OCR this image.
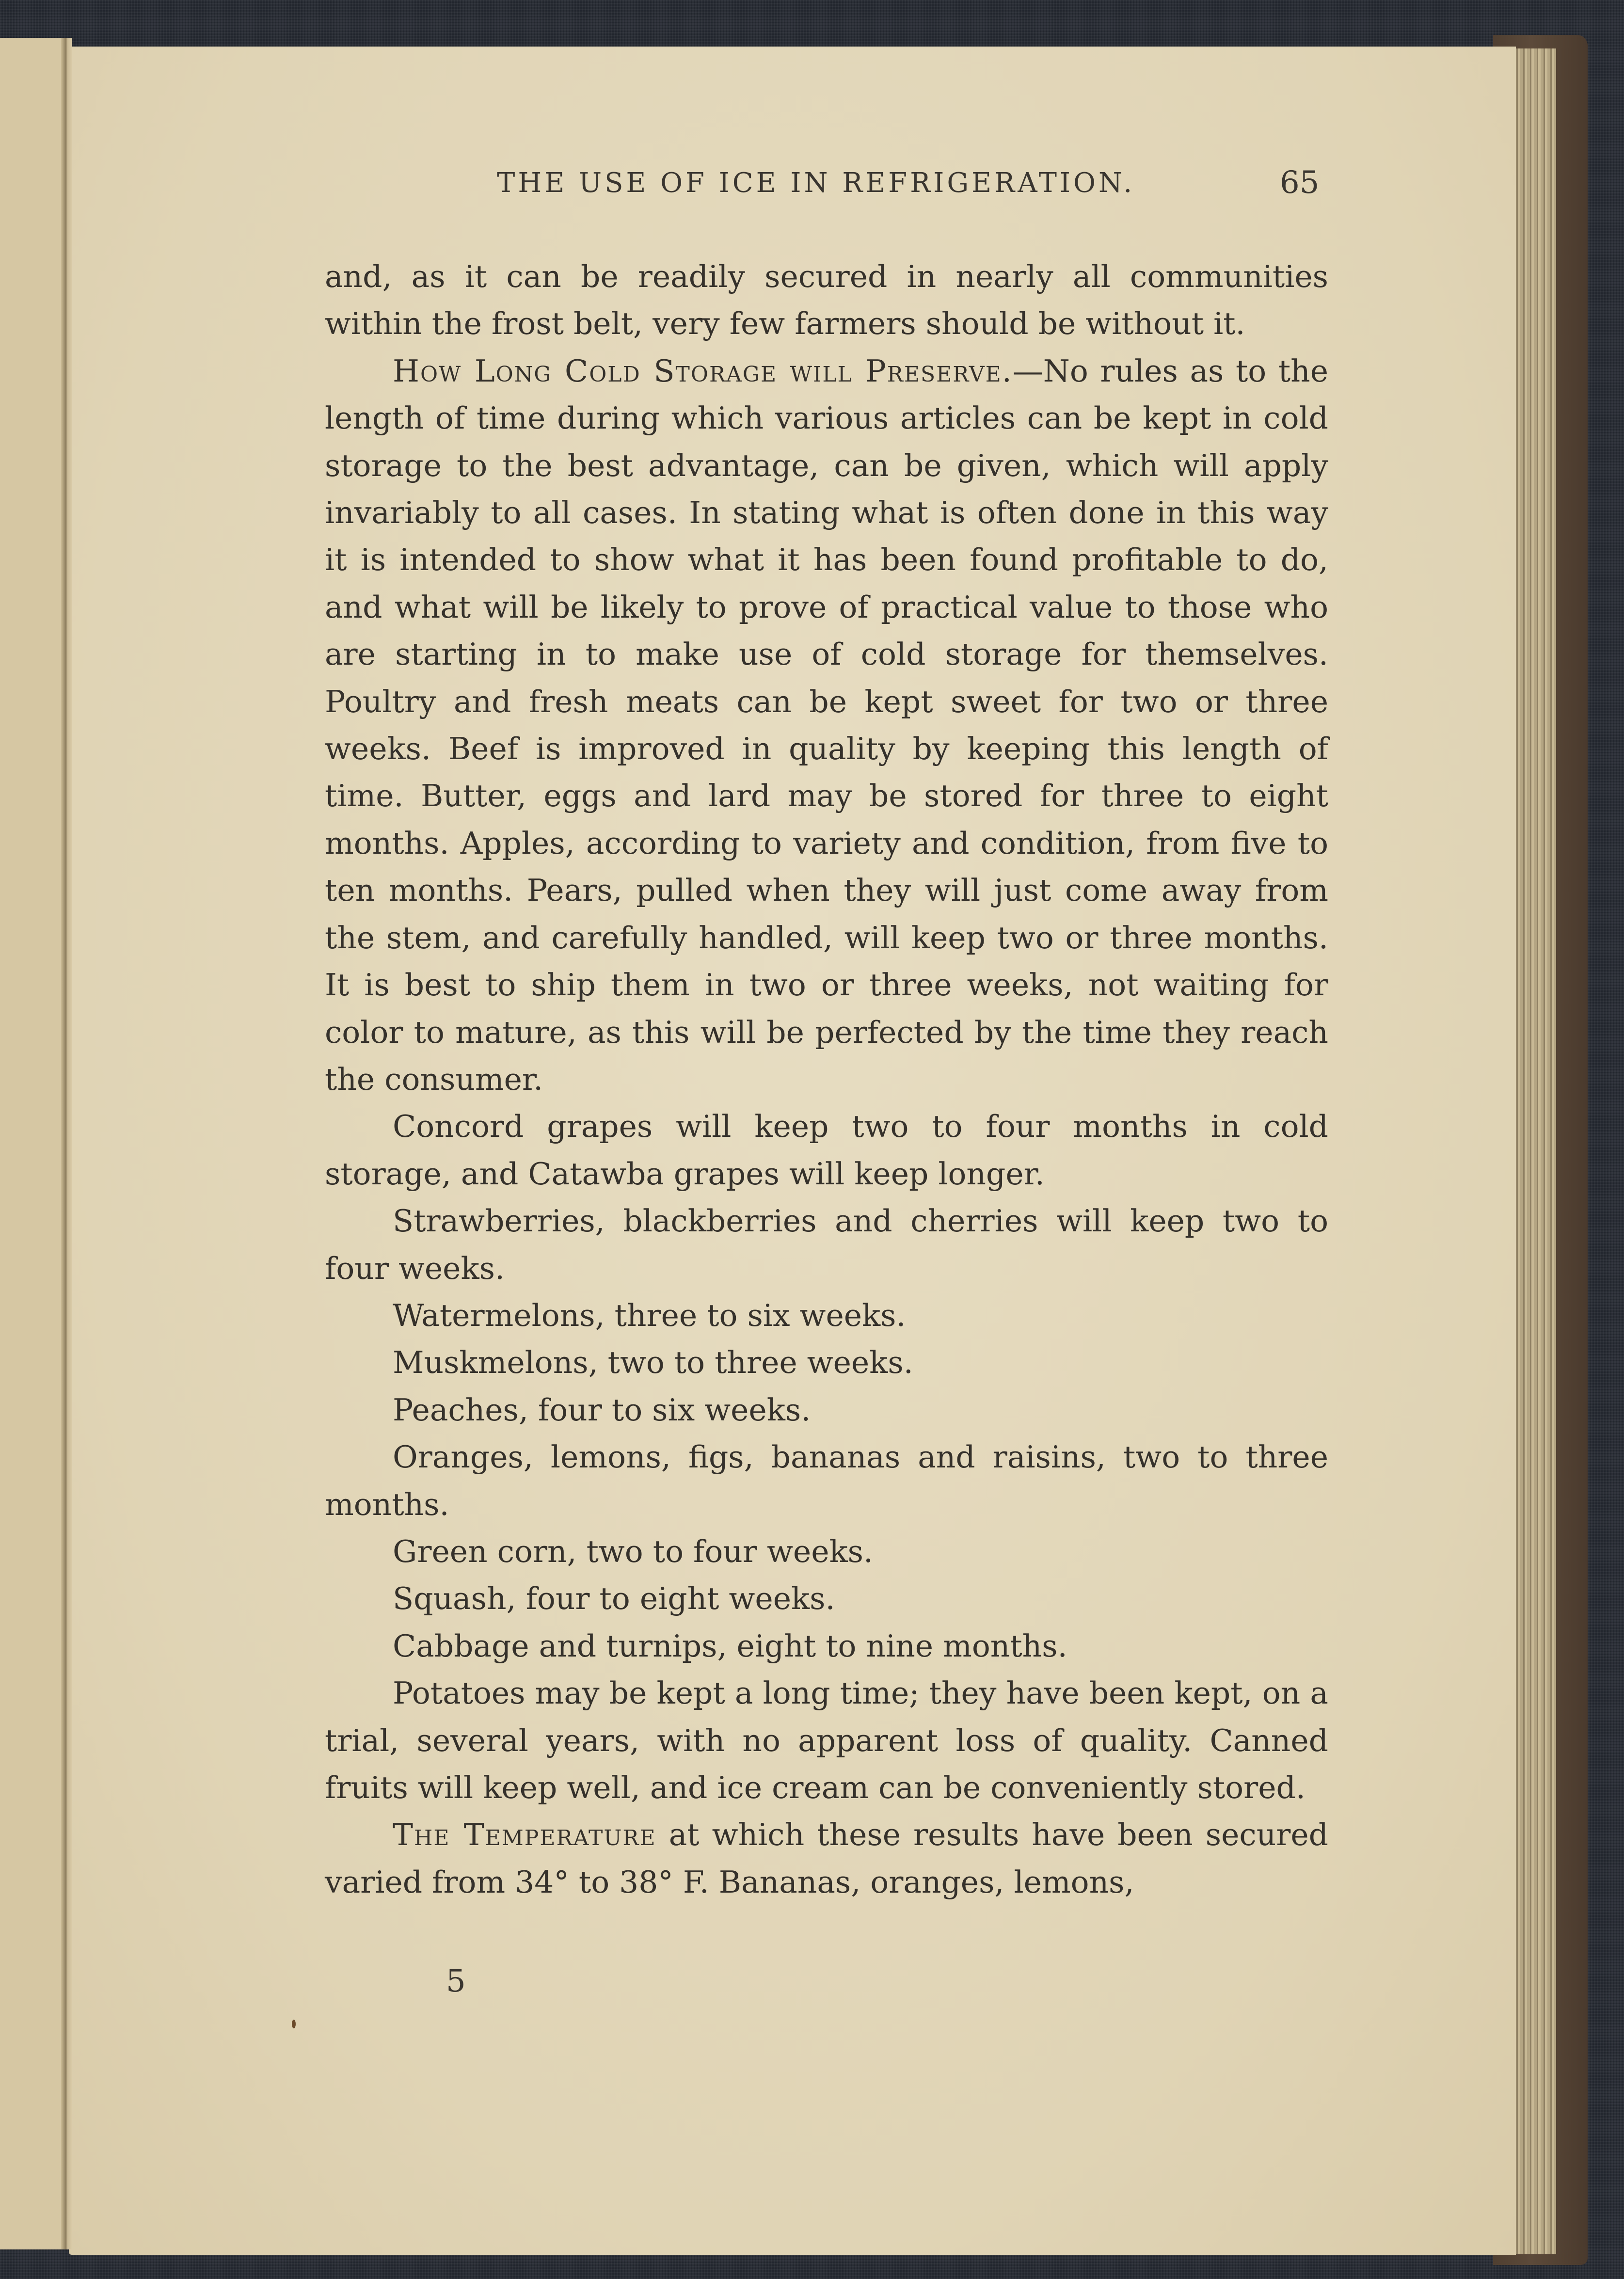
THE USE OF ICE IN REFRIGERATION.	65

and, as it can be readily secured in nearly all communities within the frost belt, very few farmers should be without it.

How Long Cold Storage will Preserve.—No rules as to the length of time during which various articles can be kept in cold storage to the best advantage, can be given, which will apply invariably to all cases. In stating what is often done in this way it is intended to show what it has been found profitable to do, and what will be likely to prove of practical value to those who are starting in to make use of cold storage for themselves. Poultry and fresh meats can be kept sweet for two or three weeks. Beef is improved in quality by keeping this length of time. Butter, eggs and lard may be stored for three to eight months. Apples, according to variety and condition, from five to ten months. Pears, pulled when they will just come away from the stem, and carefully handled, will keep two or three months. It is best to ship them in two or three weeks, not waiting for color to mature, as this will be perfected by the time they reach the consumer.

Concord grapes will keep two to four months in cold storage, and Catawba grapes will keep longer.

Strawberries, blackberries and cherries will keep two to four weeks.

Watermelons, three to six weeks.

Muskmelons, two to three weeks.

Peaches, four to six weeks.

Oranges, lemons, figs, bananas and raisins, two to three months.

Green corn, two to four weeks.

Squash, four to eight weeks.

Cabbage and turnips, eight to nine months.

Potatoes may be kept a long time; they have been kept, on a trial, several years, with no apparent loss of quality. Canned fruits will keep well, and ice cream can be conveniently stored.

The Temperature at which these results have been secured varied from 34° to 38° F. Bananas, oranges, lemons,

5
